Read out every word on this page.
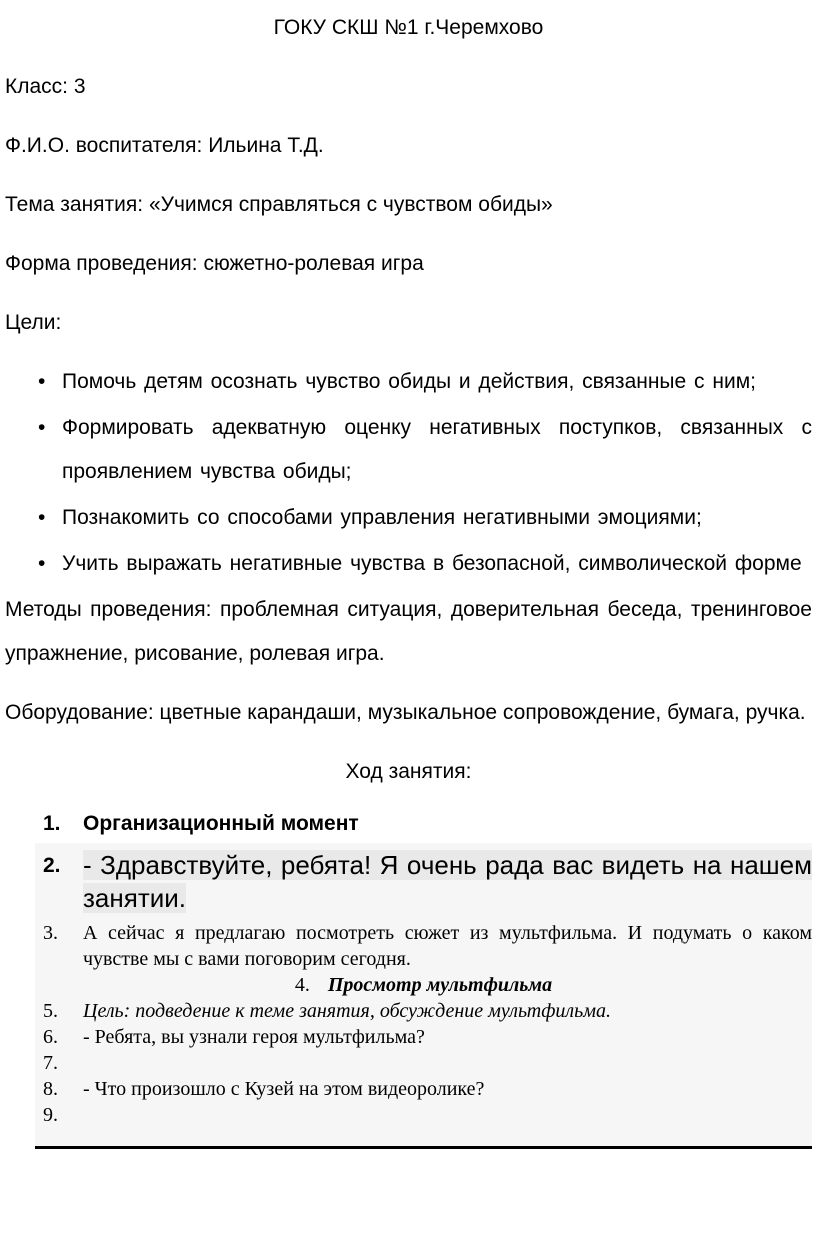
ГОКУ СКШ №1 г.Черемхово

Класс: 3

Ф.И.О. воспитателя: Ильина Т.Д.

Тема занятия: «Учимся справляться с чувством обиды»

Форма проведения: сюжетно-ролевая игра

Цели:

• Помочь детям осознать чувство обиды и действия, связанные с ним;
• Формировать адекватную оценку негативных поступков, связанных с проявлением чувства обиды;
• Познакомить со способами управления негативными эмоциями;
• Учить выражать негативные чувства в безопасной, символической форме

Методы проведения: проблемная ситуация, доверительная беседа, тренинговое упражнение, рисование, ролевая игра.

Оборудование: цветные карандаши, музыкальное сопровождение, бумага, ручка.

Ход занятия:

1.	Организационный момент
2. - Здравствуйте, ребята! Я очень рада вас видеть на нашем занятии.
3.	А сейчас я предлагаю посмотреть сюжет из мультфильма. И подумать о каком чувстве мы с вами поговорим сегодня.
4. Просмотр мультфильма
5.	Цель: подведение к теме занятия, обсуждение мультфильма.
6.	- Ребята, вы узнали героя мультфильма?
7.
8.	- Что произошло с Кузей на этом видеоролике?
9.
